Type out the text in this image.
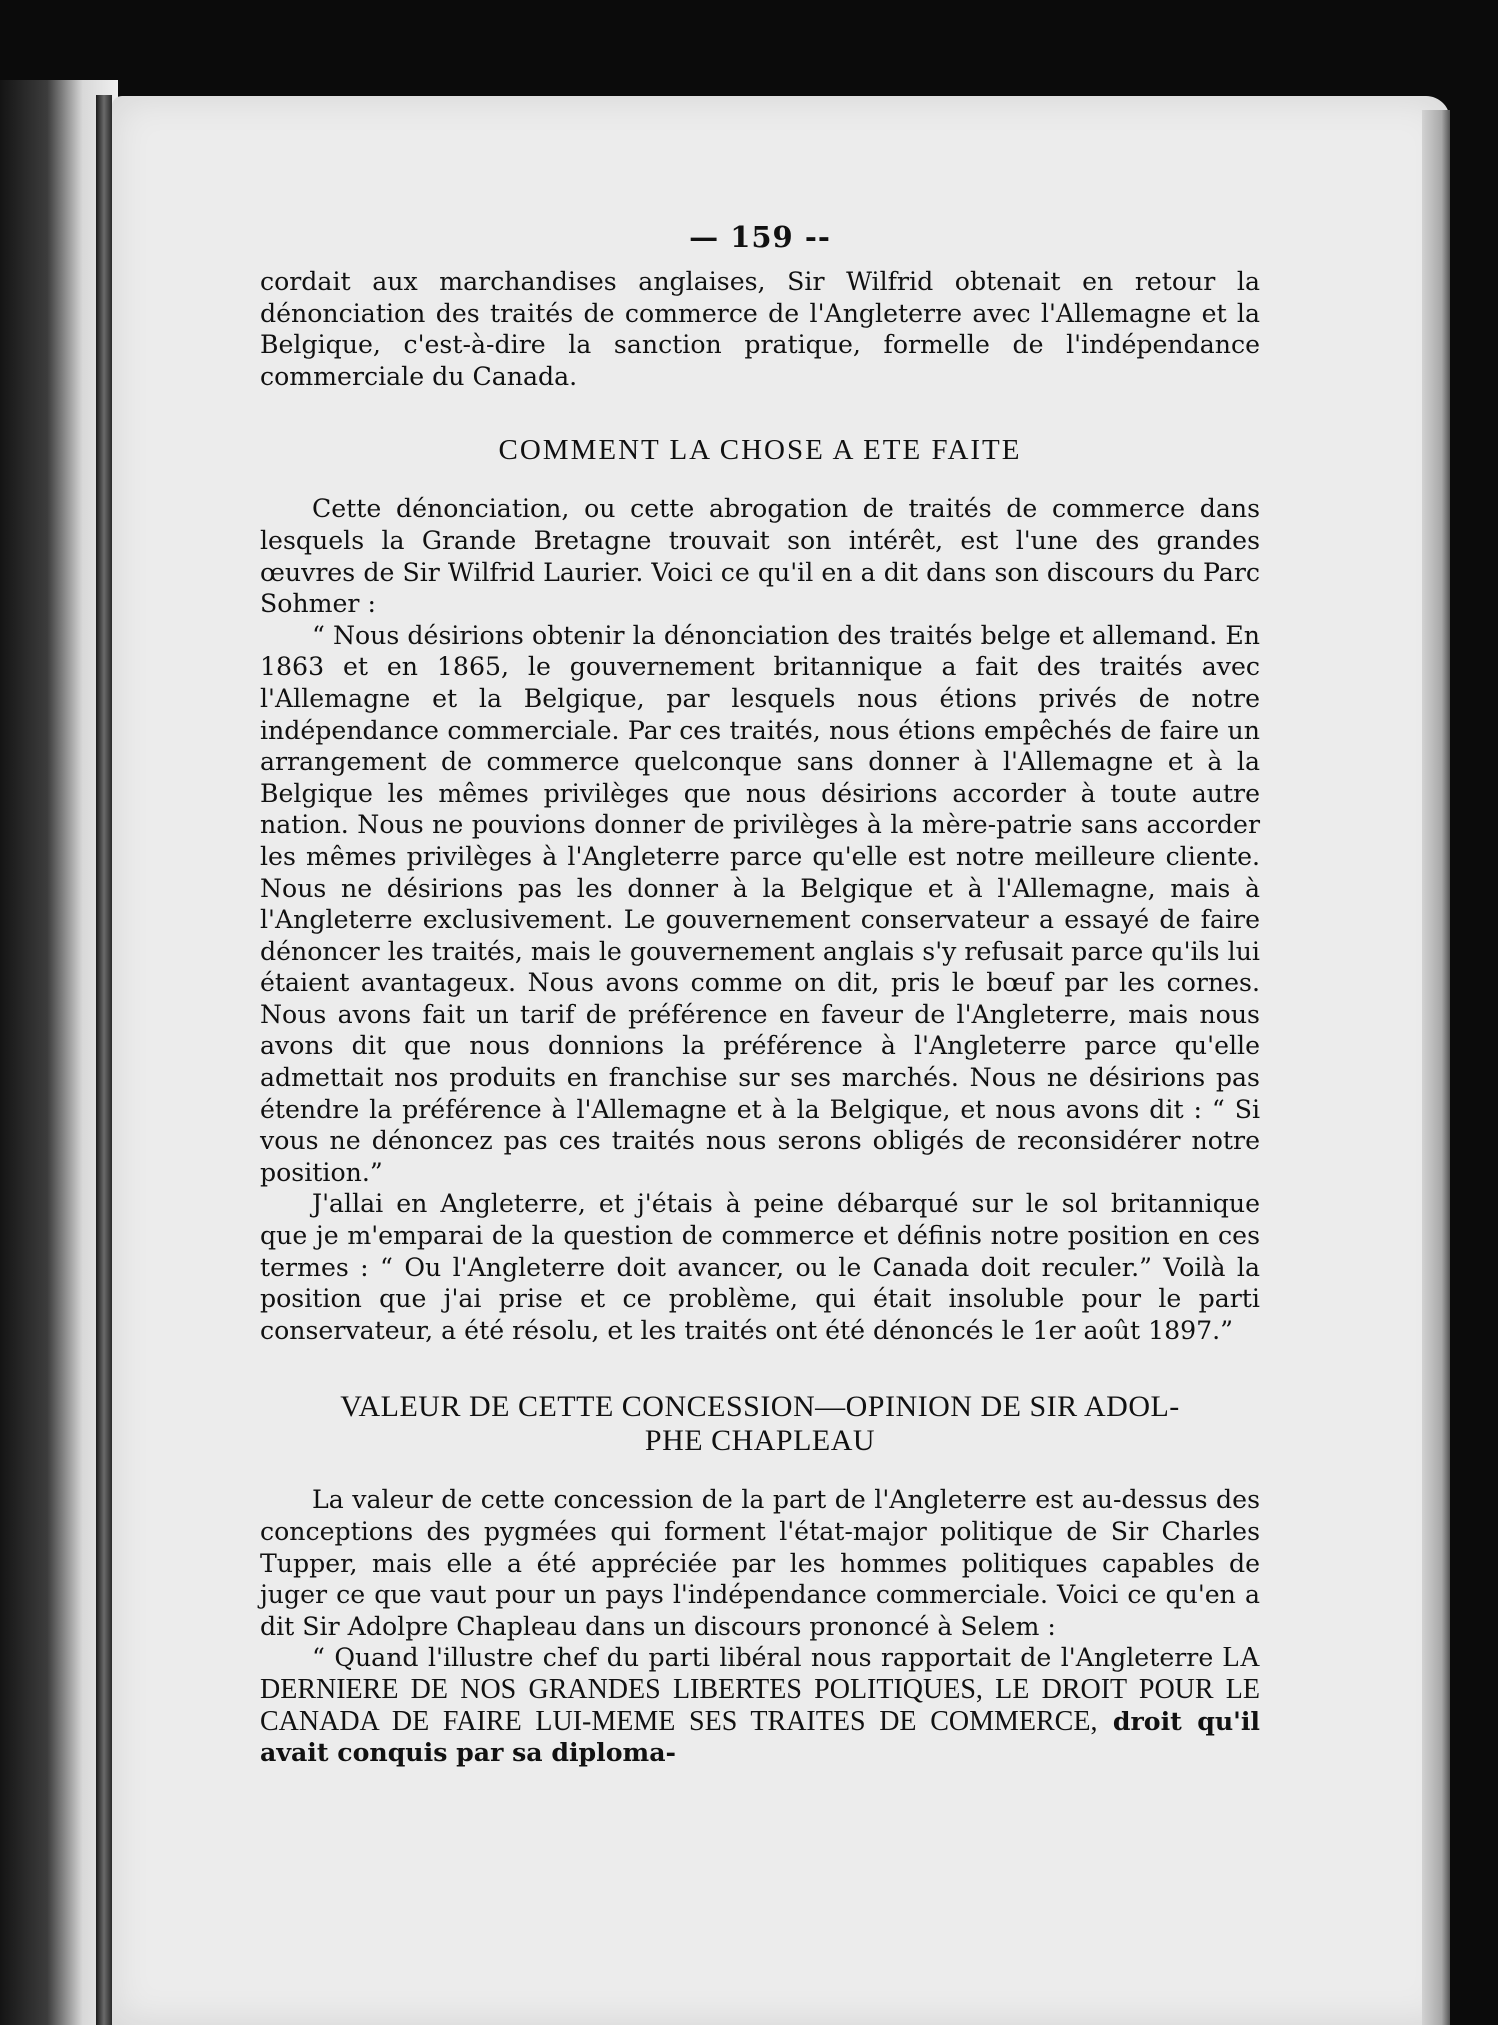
— 159 --

cordait aux marchandises anglaises, Sir Wilfrid obtenait en retour la dénonciation des traités de commerce de l'Angleterre avec l'Allemagne et la Belgique, c'est-à-dire la sanction pratique, formelle de l'indépendance commerciale du Canada.

COMMENT LA CHOSE A ETE FAITE

Cette dénonciation, ou cette abrogation de traités de commerce dans lesquels la Grande Bretagne trouvait son intérêt, est l'une des grandes œuvres de Sir Wilfrid Laurier. Voici ce qu'il en a dit dans son discours du Parc Sohmer :

“ Nous désirions obtenir la dénonciation des traités belge et allemand. En 1863 et en 1865, le gouvernement britannique a fait des traités avec l'Allemagne et la Belgique, par lesquels nous étions privés de notre indépendance commerciale. Par ces traités, nous étions empêchés de faire un arrangement de commerce quelconque sans donner à l'Allemagne et à la Belgique les mêmes privilèges que nous désirions accorder à toute autre nation. Nous ne pouvions donner de privilèges à la mère-patrie sans accorder les mêmes privilèges à l'Angleterre parce qu'elle est notre meilleure cliente. Nous ne désirions pas les donner à la Belgique et à l'Allemagne, mais à l'Angleterre exclusivement. Le gouvernement conservateur a essayé de faire dénoncer les traités, mais le gouvernement anglais s'y refusait parce qu'ils lui étaient avantageux. Nous avons comme on dit, pris le bœuf par les cornes. Nous avons fait un tarif de préférence en faveur de l'Angleterre, mais nous avons dit que nous donnions la préférence à l'Angleterre parce qu'elle admettait nos produits en franchise sur ses marchés. Nous ne désirions pas étendre la préférence à l'Allemagne et à la Belgique, et nous avons dit : “ Si vous ne dénoncez pas ces traités nous serons obligés de reconsidérer notre position.”

J'allai en Angleterre, et j'étais à peine débarqué sur le sol britannique que je m'emparai de la question de commerce et définis notre position en ces termes : “ Ou l'Angleterre doit avancer, ou le Canada doit reculer.” Voilà la position que j'ai prise et ce problème, qui était insoluble pour le parti conservateur, a été résolu, et les traités ont été dénoncés le 1er août 1897.”

VALEUR DE CETTE CONCESSION—OPINION DE SIR ADOL-
PHE CHAPLEAU

La valeur de cette concession de la part de l'Angleterre est au-dessus des conceptions des pygmées qui forment l'état-major politique de Sir Charles Tupper, mais elle a été appréciée par les hommes politiques capables de juger ce que vaut pour un pays l'indépendance commerciale. Voici ce qu'en a dit Sir Adolpre Chapleau dans un discours prononcé à Selem :

“ Quand l'illustre chef du parti libéral nous rapportait de l'Angleterre LA DERNIERE DE NOS GRANDES LIBERTES POLITIQUES, LE DROIT POUR LE CANADA DE FAIRE LUI-MEME SES TRAITES DE COMMERCE, droit qu'il avait conquis par sa diploma-
